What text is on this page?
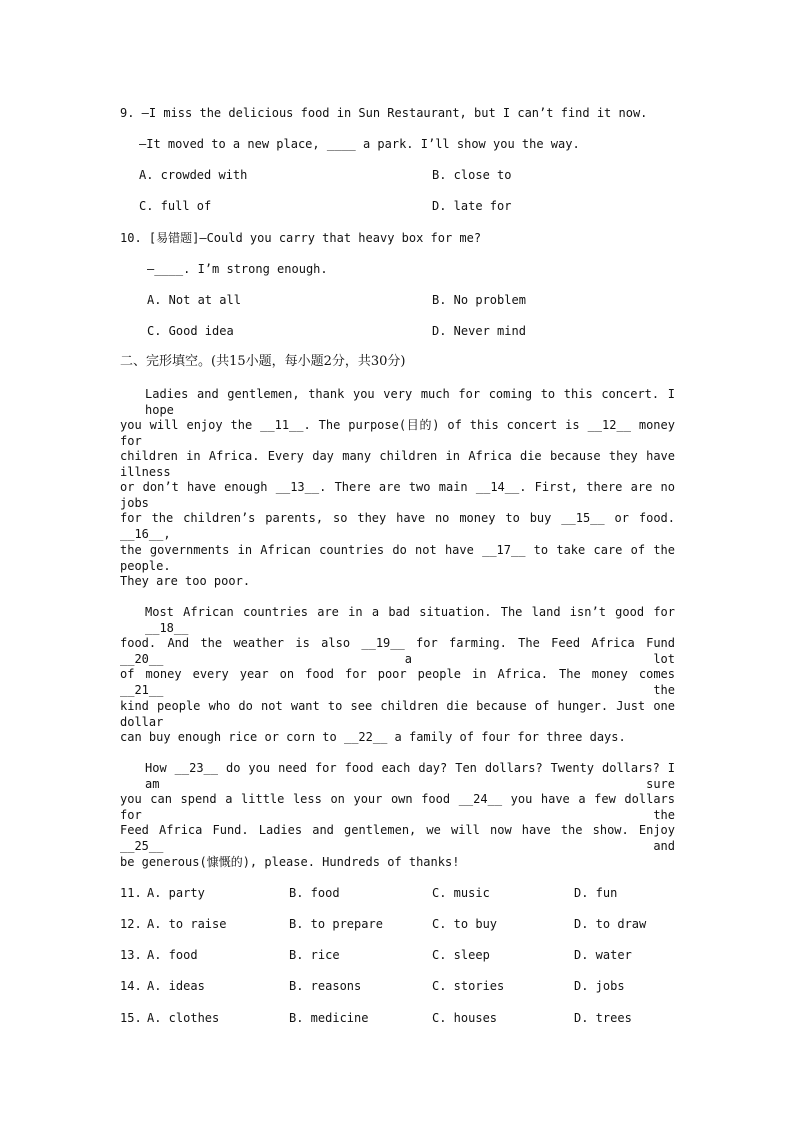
9. —I miss the delicious food in Sun Restaurant, but I can’t find it now.
—It moved to a new place, ____ a park. I’ll show you the way.
A. crowded with	B. close to
C. full of	D. late for
10. [易错题]—Could you carry that heavy box for me?
—____. I’m strong enough.
A. Not at all	B. No problem
C. Good idea	D. Never mind
二、完形填空。(共15小题，每小题2分，共30分)
Ladies and gentlemen, thank you very much for coming to this concert. I hope
you will enjoy the __11__. The purpose(目的) of this concert is __12__ money for
children in Africa. Every day many children in Africa die because they have illness
or don’t have enough __13__. There are two main __14__. First, there are no jobs
for the children’s parents, so they have no money to buy __15__ or food. __16__,
the governments in African countries do not have __17__ to take care of the people.
They are too poor.
Most African countries are in a bad situation. The land isn’t good for __18__
food. And the weather is also __19__ for farming. The Feed Africa Fund __20__ a lot
of money every year on food for poor people in Africa. The money comes __21__ the
kind people who do not want to see children die because of hunger. Just one dollar
can buy enough rice or corn to __22__ a family of four for three days.
How __23__ do you need for food each day? Ten dollars? Twenty dollars? I am sure
you can spend a little less on your own food __24__ you have a few dollars for the
Feed Africa Fund. Ladies and gentlemen, we will now have the show. Enjoy __25__ and
be generous(慷慨的), please. Hundreds of thanks!
11. A. party	B. food	C. music	D. fun
12. A. to raise	B. to prepare	C. to buy	D. to draw
13. A. food	B. rice	C. sleep	D. water
14. A. ideas	B. reasons	C. stories	D. jobs
15. A. clothes	B. medicine	C. houses	D. trees
